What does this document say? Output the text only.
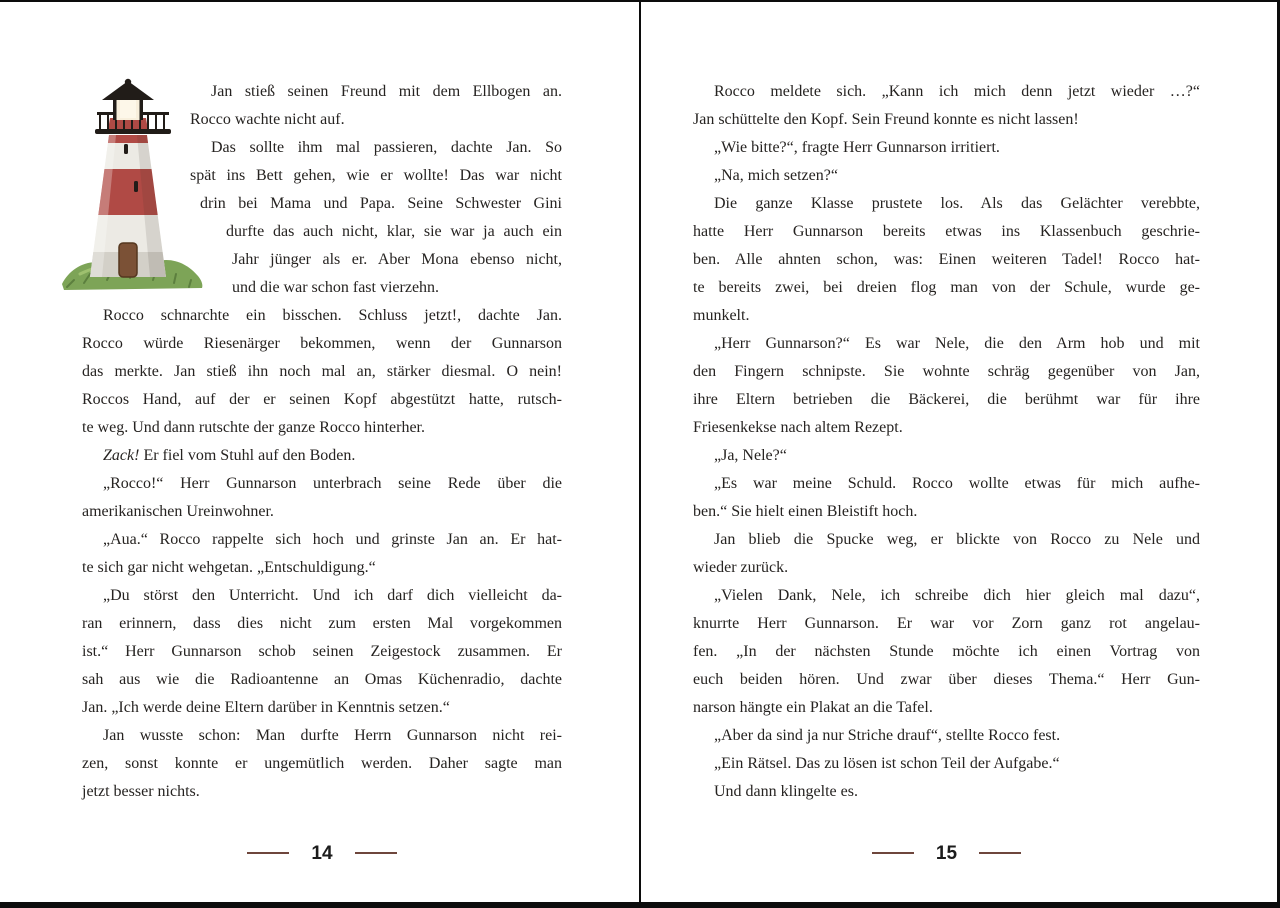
Jan stieß seinen Freund mit dem Ellbogen an.
Rocco wachte nicht auf.
Das sollte ihm mal passieren, dachte Jan. So
spät ins Bett gehen, wie er wollte! Das war nicht
drin bei Mama und Papa. Seine Schwester Gini
durfte das auch nicht, klar, sie war ja auch ein
Jahr jünger als er. Aber Mona ebenso nicht,
und die war schon fast vierzehn.
Rocco schnarchte ein bisschen. Schluss jetzt!, dachte Jan.
Rocco würde Riesenärger bekommen, wenn der Gunnarson
das merkte. Jan stieß ihn noch mal an, stärker diesmal. O nein!
Roccos Hand, auf der er seinen Kopf abgestützt hatte, rutsch-
te weg. Und dann rutschte der ganze Rocco hinterher.
Zack! Er fiel vom Stuhl auf den Boden.
„Rocco!“ Herr Gunnarson unterbrach seine Rede über die
amerikanischen Ureinwohner.
„Aua.“ Rocco rappelte sich hoch und grinste Jan an. Er hat-
te sich gar nicht wehgetan. „Entschuldigung.“
„Du störst den Unterricht. Und ich darf dich vielleicht da-
ran erinnern, dass dies nicht zum ersten Mal vorgekommen
ist.“ Herr Gunnarson schob seinen Zeigestock zusammen. Er
sah aus wie die Radioantenne an Omas Küchenradio, dachte
Jan. „Ich werde deine Eltern darüber in Kenntnis setzen.“
Jan wusste schon: Man durfte Herrn Gunnarson nicht rei-
zen, sonst konnte er ungemütlich werden. Daher sagte man
jetzt besser nichts.
14
Rocco meldete sich. „Kann ich mich denn jetzt wieder …?“
Jan schüttelte den Kopf. Sein Freund konnte es nicht lassen!
„Wie bitte?“, fragte Herr Gunnarson irritiert.
„Na, mich setzen?“
Die ganze Klasse prustete los. Als das Gelächter verebbte,
hatte Herr Gunnarson bereits etwas ins Klassenbuch geschrie-
ben. Alle ahnten schon, was: Einen weiteren Tadel! Rocco hat-
te bereits zwei, bei dreien flog man von der Schule, wurde ge-
munkelt.
„Herr Gunnarson?“ Es war Nele, die den Arm hob und mit
den Fingern schnipste. Sie wohnte schräg gegenüber von Jan,
ihre Eltern betrieben die Bäckerei, die berühmt war für ihre
Friesenkekse nach altem Rezept.
„Ja, Nele?“
„Es war meine Schuld. Rocco wollte etwas für mich aufhe-
ben.“ Sie hielt einen Bleistift hoch.
Jan blieb die Spucke weg, er blickte von Rocco zu Nele und
wieder zurück.
„Vielen Dank, Nele, ich schreibe dich hier gleich mal dazu“,
knurrte Herr Gunnarson. Er war vor Zorn ganz rot angelau-
fen. „In der nächsten Stunde möchte ich einen Vortrag von
euch beiden hören. Und zwar über dieses Thema.“ Herr Gun-
narson hängte ein Plakat an die Tafel.
„Aber da sind ja nur Striche drauf“, stellte Rocco fest.
„Ein Rätsel. Das zu lösen ist schon Teil der Aufgabe.“
Und dann klingelte es.
15
